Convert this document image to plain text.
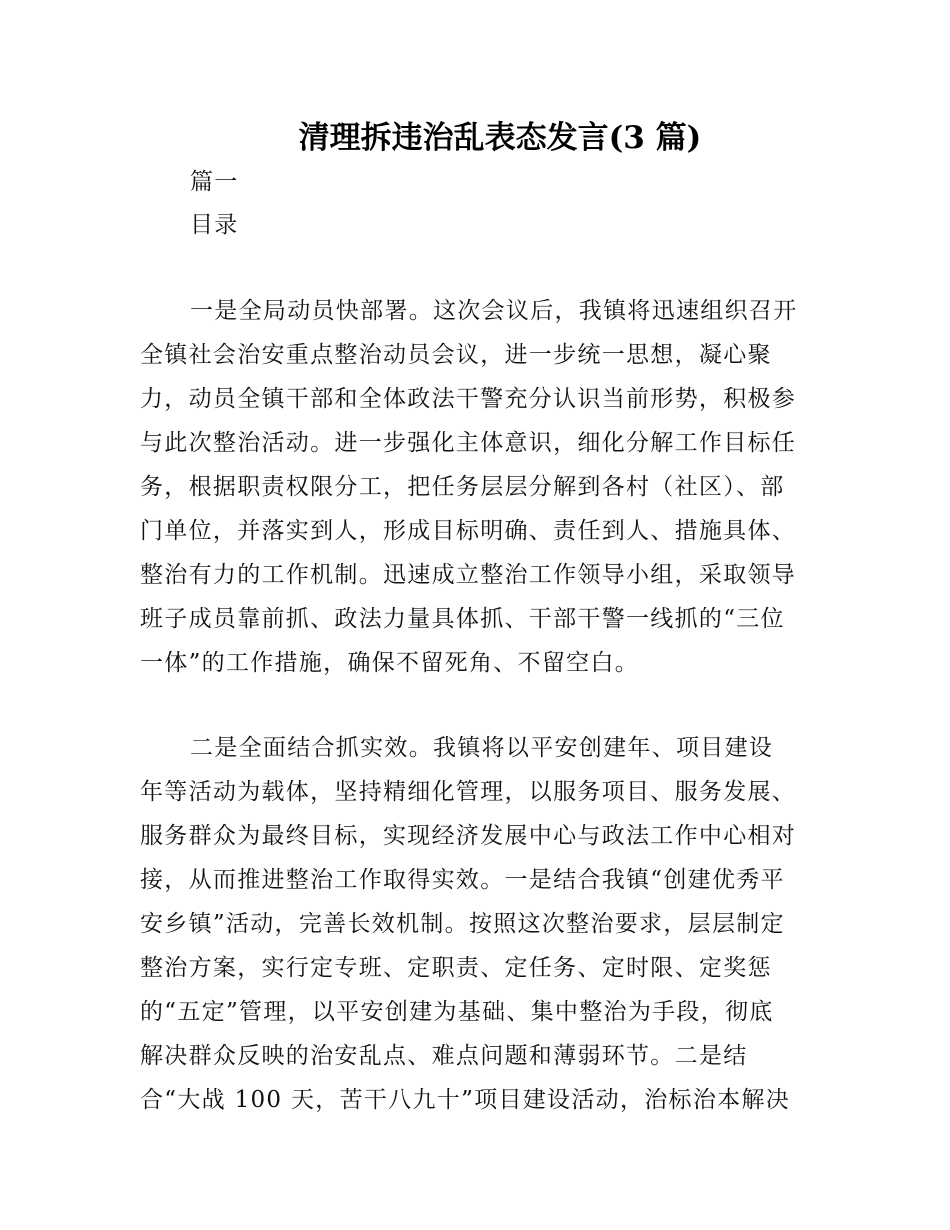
清理拆违治乱表态发言(3 篇)
篇一
目录
一是全局动员快部署。这次会议后，我镇将迅速组织召开
全镇社会治安重点整治动员会议，进一步统一思想，凝心聚
力，动员全镇干部和全体政法干警充分认识当前形势，积极参
与此次整治活动。进一步强化主体意识，细化分解工作目标任
务，根据职责权限分工，把任务层层分解到各村（社区）、部
门单位，并落实到人，形成目标明确、责任到人、措施具体、
整治有力的工作机制。迅速成立整治工作领导小组，采取领导
班子成员靠前抓、政法力量具体抓、干部干警一线抓的“三位
一体”的工作措施，确保不留死角、不留空白。
二是全面结合抓实效。我镇将以平安创建年、项目建设
年等活动为载体，坚持精细化管理，以服务项目、服务发展、
服务群众为最终目标，实现经济发展中心与政法工作中心相对
接，从而推进整治工作取得实效。一是结合我镇“创建优秀平
安乡镇”活动，完善长效机制。按照这次整治要求，层层制定
整治方案，实行定专班、定职责、定任务、定时限、定奖惩
的“五定”管理，以平安创建为基础、集中整治为手段，彻底
解决群众反映的治安乱点、难点问题和薄弱环节。二是结
合“大战 100 天，苦干八九十”项目建设活动，治标治本解决
